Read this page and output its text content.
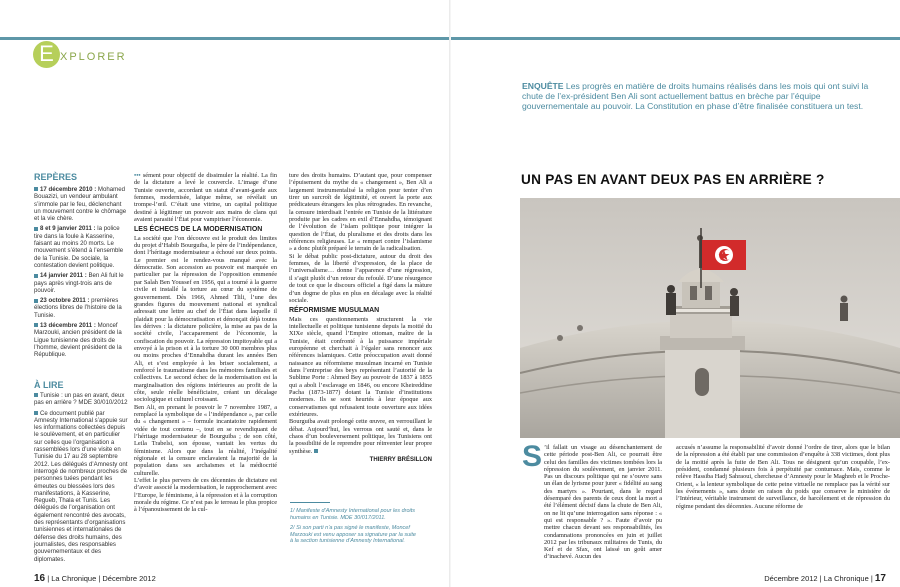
E XPLORER
ENQUÊTE Les progrès en matière de droits humains réalisés dans les mois qui ont suivi la chute de l’ex-président Ben Ali sont actuellement battus en brèche par l’équipe gouvernementale au pouvoir. La Constitution en phase d’être finalisée constituera un test.
REPÈRES

17 décembre 2010 : Mohamed Bouazizi, un vendeur ambulant s’immole par le feu, déclenchant un mouvement contre le chômage et la vie chère.

8 et 9 janvier 2011 : la police tire dans la foule à Kasserine, faisant au moins 20 morts. Le mouvement s’étend à l’ensemble de la Tunisie. De sociale, la contestation devient politique.

14 janvier 2011 : Ben Ali fuit le pays après vingt-trois ans de pouvoir.

23 octobre 2011 : premières élections libres de l’histoire de la Tunisie.

13 décembre 2011 : Moncef Marzouki, ancien président de la Ligue tunisienne des droits de l’homme, devient président de la République.

À LIRE

Tunisie : un pas en avant, deux pas en arrière ? MDE 30/010/2012

Ce document publié par Amnesty International s’appuie sur les informations collectées depuis le soulèvement, et en particulier sur celles que l’organisation a rassemblées lors d’une visite en Tunisie du 17 au 28 septembre 2012. Les délégués d’Amnesty ont interrogé de nombreux proches de personnes tuées pendant les émeutes ou blessées lors des manifestations, à Kasserine, Regueb, Thala et Tunis. Les délégués de l’organisation ont également rencontré des avocats, des représentants d’organisations tunisiennes et internationales de défense des droits humains, des journalistes, des responsables gouvernementaux et des diplomates.

••• sément pour objectif de dissimuler la réalité. La fin de la dictature a levé le couvercle. L’image d’une Tunisie ouverte, accordant un statut d’avant-garde aux femmes, modernisée, laïque même, se révélait un trompe-l’œil. C’était une vitrine, un capital politique destiné à légitimer un pouvoir aux mains de clans qui avaient parasité l’État pour vampiriser l’économie.

LES ÉCHECS DE LA MODERNISATION

La société que l’on découvre est le produit des limites du projet d’Habib Bourguiba, le père de l’indépendance, dont l’héritage modernisateur a échoué sur deux points. Le premier est le rendez-vous manqué avec la démocratie. Son accession au pouvoir est marquée en particulier par la répression de l’opposition emmenée par Salah Ben Youssef en 1956, qui a tourné à la guerre civile et installé la torture au cœur du système de gouvernement. Dès 1966, Ahmed Tlili, l’une des grandes figures du mouvement national et syndical adressait une lettre au chef de l’État dans laquelle il plaidait pour la démocratisation et dénonçait déjà toutes les dérives : la dictature policière, la mise au pas de la société civile, l’accaparement de l’économie, la confiscation du pouvoir. La répression impitoyable qui a envoyé à la prison et à la torture 30 000 membres plus ou moins proches d’Ennahdha durant les années Ben Ali, et s’est employée à les briser socialement, a renforcé le traumatisme dans les mémoires familiales et collectives. Le second échec de la modernisation est la marginalisation des régions intérieures au profit de la côte, seule réelle bénéficiaire, créant un décalage sociologique et culturel croissant.

Ben Ali, en prenant le pouvoir le 7 novembre 1987, a remplacé la symbolique de « l’indépendance », par celle du « changement » – formule incantatoire rapidement vidée de tout contenu –, tout en se revendiquant de l’héritage modernisateur de Bourguiba ; de son côté, Leila Trabelsi, son épouse, vantait les vertus du féminisme. Alors que dans la réalité, l’inégalité régionale et la censure enclavaient la majorité de la population dans ses archaïsmes et la médiocrité culturelle.

L’effet le plus pervers de ces décennies de dictature est d’avoir associé la modernisation, le rapprochement avec l’Europe, le féminisme, à la répression et à la corruption morale du régime. Ce n’est pas le terreau le plus propice à l’épanouissement de la cul-

ture des droits humains. D’autant que, pour compenser l’épuisement du mythe du « changement », Ben Ali a largement instrumentalisé la religion pour tenter d’en tirer un surcroît de légitimité, et ouvert la porte aux prédicateurs étrangers les plus rétrogrades. En revanche, la censure interdisait l’entrée en Tunisie de la littérature produite par les cadres en exil d’Ennahdha, témoignant de l’évolution de l’islam politique pour intégrer la question de l’État, du pluralisme et des droits dans les références religieuses. Le « rempart contre l’islamisme » a donc plutôt préparé le terrain de la radicalisation.

Si le débat public post-dictature, autour du droit des femmes, de la liberté d’expression, de la place de l’universalisme… donne l’apparence d’une régression, il s’agit plutôt d’un retour du refoulé. D’une résurgence de tout ce que le discours officiel a figé dans la màture d’un dogme de plus en plus en décalage avec la réalité sociale.

RÉFORMISME MUSULMAN

Mais ces questionnements structurent la vie intellectuelle et politique tunisienne depuis la moitié du XIXe siècle, quand l’Empire ottoman, maître de la Tunisie, était confronté à la puissance impériale européenne et cherchait à l’égaler sans renoncer aux références islamiques. Cette préoccupation avait donné naissance au réformisme musulman incarné en Tunisie dans l’entreprise des beys représentant l’autorité de la Sublime Porte : Ahmed Bey au pouvoir de 1837 à 1855 qui a aboli l’esclavage en 1846, ou encore Kheireddine Pacha (1873-1877) dotant la Tunisie d’institutions modernes. Ils se sont heurtés à leur époque aux conservatismes qui refusaient toute ouverture aux idées extérieures.

Bourguiba avait prolongé cette œuvre, en verrouillant le débat. Aujourd’hui, les verrous ont sauté et, dans le chaos d’un bouleversement politique, les Tunisiens ont la possibilité de le reprendre pour réinventer leur propre synthèse.

THIERRY BRÉSILLON

1/ Manifeste d’Amnesty International pour les droits humains en Tunisie. MDE 30/017/2011.

2/ Si son parti n’a pas signé le manifeste, Moncef Marzouki est venu apposer sa signature par la suite à la section tunisienne d’Amnesty International.

UN PAS EN AVANT DEUX PAS EN ARRIÈRE ?
S ’il fallait un visage au désenchantement de cette période post-Ben Ali, ce pourrait être celui des familles des victimes tombées lors la répression du soulèvement, en janvier 2011. Pas un discours politique qui ne s’ouvre sans un élan de lyrisme pour jurer « fidélité au sang des martyrs ». Pourtant, dans le regard désemparé des parents de ceux dont la mort a été l’élément décisif dans la chute de Ben Ali, on ne lit qu’une interrogation sans réponse : « qui est responsable ? ». Faute d’avoir pu mettre chacun devant ses responsabilités, les condamnations prononcées en juin et juillet 2012 par les tribunaux militaires de Tunis, du Kef et de Sfax, ont laissé un goût amer d’inachevé. Aucun des

accusés n’assume la responsabilité d’avoir donné l’ordre de tirer, alors que le bilan de la répression a été établi par une commission d’enquête à 338 victimes, dont plus de la moitié après la fuite de Ben Ali. Tous ne désignent qu’un coupable, l’ex-président, condamné plusieurs fois à perpétuité par contumace. Mais, comme le relève Hassiba Hadj Sahraoui, chercheuse d’Amnesty pour le Maghreb et le Proche-Orient, « la lenteur symbolique de cette peine virtuelle ne remplace pas la vérité sur les événements », sans doute en raison du poids que conserve le ministère de l’Intérieur, véritable instrument de surveillance, de harcèlement et de répression du régime pendant des décennies. Aucune réforme de

16 | La Chronique | Décembre 2012	Décembre 2012 | La Chronique | 17
